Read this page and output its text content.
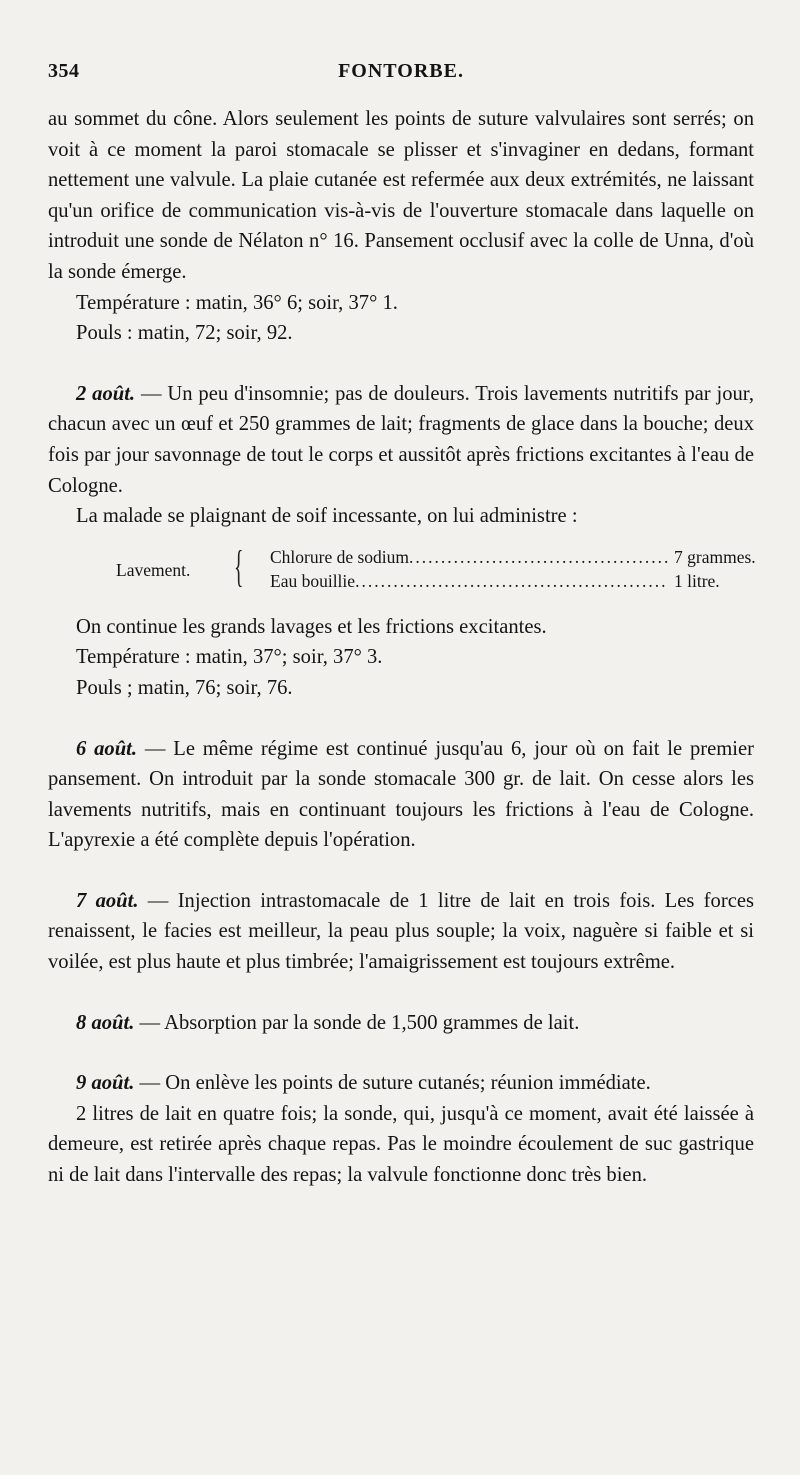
354	FONTORBE.

au sommet du cône. Alors seulement les points de suture valvulaires sont serrés; on voit à ce moment la paroi stomacale se plisser et s'invaginer en dedans, formant nettement une valvule. La plaie cutanée est refermée aux deux extrémités, ne laissant qu'un orifice de communication vis-à-vis de l'ouverture stomacale dans laquelle on introduit une sonde de Nélaton n° 16. Pansement occlusif avec la colle de Unna, d'où la sonde émerge.

Température : matin, 36° 6; soir, 37° 1.

Pouls : matin, 72; soir, 92.

2 août. — Un peu d'insomnie; pas de douleurs. Trois lavements nutritifs par jour, chacun avec un œuf et 250 grammes de lait; fragments de glace dans la bouche; deux fois par jour savonnage de tout le corps et aussitôt après frictions excitantes à l'eau de Cologne.

La malade se plaignant de soif incessante, on lui administre :

Lavement. { Chlorure de sodium .....	7 grammes.
Eau bouillie .....	1 litre.

On continue les grands lavages et les frictions excitantes.

Température : matin, 37°; soir, 37° 3.

Pouls ; matin, 76; soir, 76.

6 août. — Le même régime est continué jusqu'au 6, jour où on fait le premier pansement. On introduit par la sonde stomacale 300 gr. de lait. On cesse alors les lavements nutritifs, mais en continuant toujours les frictions à l'eau de Cologne. L'apyrexie a été complète depuis l'opération.

7 août. — Injection intrastomacale de 1 litre de lait en trois fois. Les forces renaissent, le facies est meilleur, la peau plus souple; la voix, naguère si faible et si voilée, est plus haute et plus timbrée; l'amaigrissement est toujours extrême.

8 août. — Absorption par la sonde de 1,500 grammes de lait.

9 août. — On enlève les points de suture cutanés; réunion immédiate.

2 litres de lait en quatre fois; la sonde, qui, jusqu'à ce moment, avait été laissée à demeure, est retirée après chaque repas. Pas le moindre écoulement de suc gastrique ni de lait dans l'intervalle des repas; la valvule fonctionne donc très bien.
